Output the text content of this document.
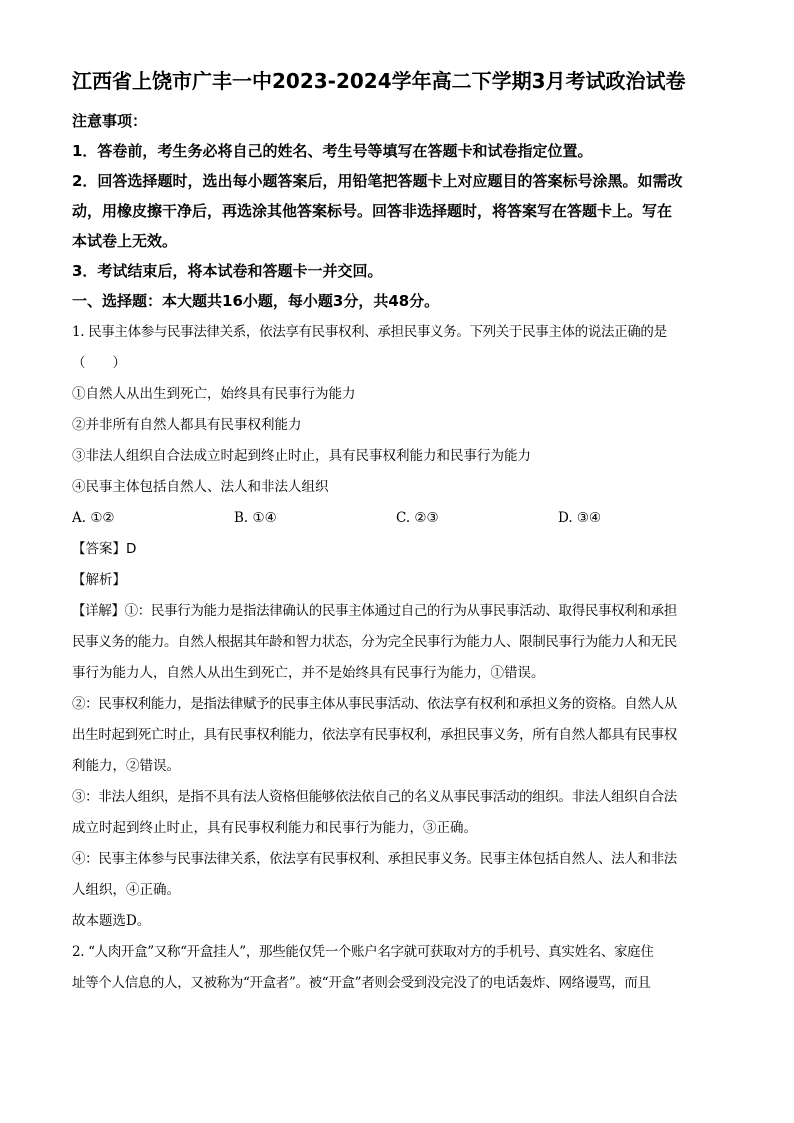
江西省上饶市广丰一中2023-2024学年高二下学期3月考试政治试卷

注意事项：

1．答卷前，考生务必将自己的姓名、考生号等填写在答题卡和试卷指定位置。

2．回答选择题时，选出每小题答案后，用铅笔把答题卡上对应题目的答案标号涂黑。如需改

动，用橡皮擦干净后，再选涂其他答案标号。回答非选择题时，将答案写在答题卡上。写在

本试卷上无效。

3．考试结束后，将本试卷和答题卡一并交回。

一、选择题：本大题共16小题，每小题3分，共48分。

1. 民事主体参与民事法律关系，依法享有民事权利、承担民事义务。下列关于民事主体的说法正确的是

（　　）

①自然人从出生到死亡，始终具有民事行为能力

②并非所有自然人都具有民事权利能力

③非法人组织自合法成立时起到终止时止，具有民事权利能力和民事行为能力

④民事主体包括自然人、法人和非法人组织

A. ①②	B. ①④	C. ②③	D. ③④

【答案】D

【解析】

【详解】①：民事行为能力是指法律确认的民事主体通过自己的行为从事民事活动、取得民事权利和承担

民事义务的能力。自然人根据其年龄和智力状态，分为完全民事行为能力人、限制民事行为能力人和无民

事行为能力人，自然人从出生到死亡，并不是始终具有民事行为能力，①错误。

②：民事权利能力，是指法律赋予的民事主体从事民事活动、依法享有权利和承担义务的资格。自然人从

出生时起到死亡时止，具有民事权利能力，依法享有民事权利，承担民事义务，所有自然人都具有民事权

利能力，②错误。

③：非法人组织，是指不具有法人资格但能够依法依自己的名义从事民事活动的组织。非法人组织自合法

成立时起到终止时止，具有民事权利能力和民事行为能力，③正确。

④：民事主体参与民事法律关系，依法享有民事权利、承担民事义务。民事主体包括自然人、法人和非法

人组织，④正确。

故本题选D。

2. “人肉开盒”又称“开盒挂人”，那些能仅凭一个账户名字就可获取对方的手机号、真实姓名、家庭住

址等个人信息的人，又被称为“开盒者”。被“开盒”者则会受到没完没了的电话轰炸、网络谩骂，而且
